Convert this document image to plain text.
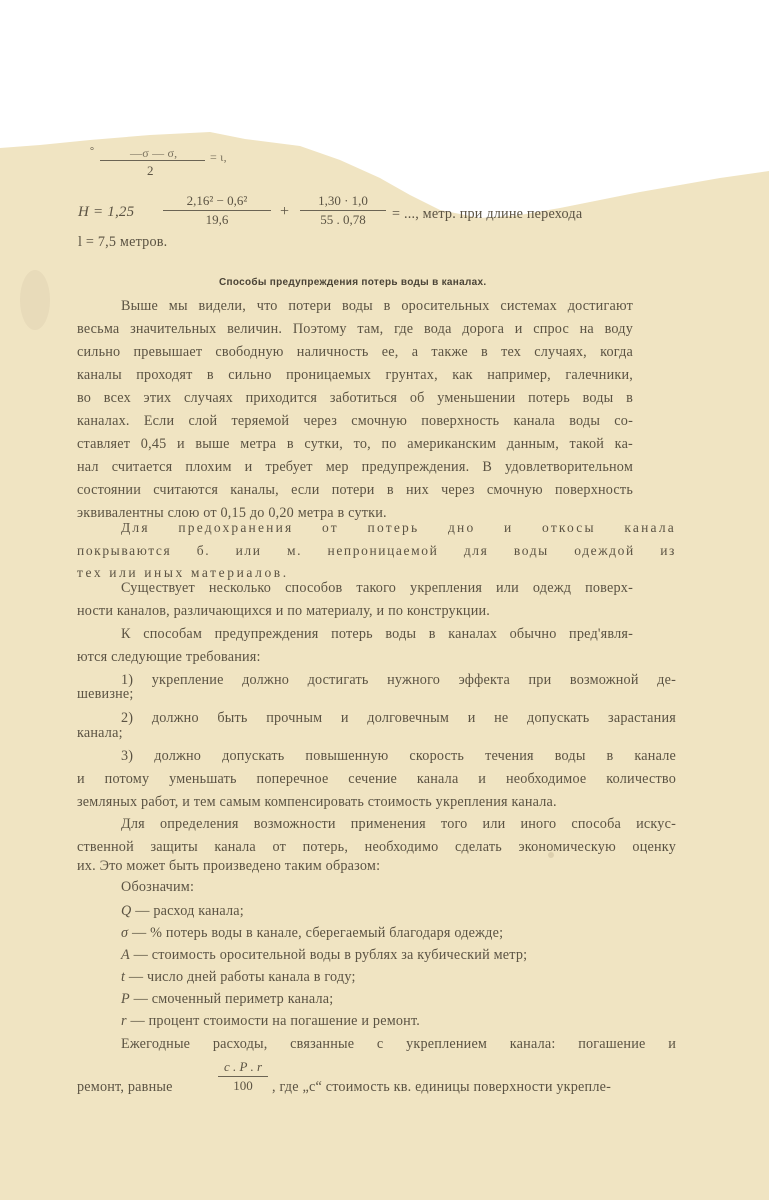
°	—σ — σ,	= ι,
2
$H = 1,25 \frac{\text{2,16² − 0,6²}}{19,6} + \frac{1,30 \cdot 1,0}{55 . 0,78}$ = ..., метр. при длине перехода
l = 7,5 метров.
Способы предупреждения потерь воды в каналах.
Выше мы видели, что потери воды в оросительных системах достигают
весьма значительных величин. Поэтому там, где вода дорога и спрос на воду
сильно превышает свободную наличность ее, а также в тех случаях, когда
каналы проходят в сильно проницаемых грунтах, как например, галечники,
во всех этих случаях приходится заботиться об уменьшении потерь воды в
каналах. Если слой теряемой через смочную поверхность канала воды со-
ставляет 0,45 и выше метра в сутки, то, по американским данным, такой ка-
нал считается плохим и требует мер предупреждения. В удовлетворительном
состоянии считаются каналы, если потери в них через смочную поверхность
эквивалентны слою от 0,15 до 0,20 метра в сутки.
Для предохранения от потерь дно и откосы канала
покрываются б. или м. непроницаемой для воды одеждой из
тех или иных материалов.
Существует несколько способов такого укрепления или одежд поверх-
ности каналов, различающихся и по материалу, и по конструкции.
К способам предупреждения потерь воды в каналах обычно пред'явля-
ются следующие требования:
1) укрепление должно достигать нужного эффекта при возможной де-
шевизне;
2) должно быть прочным и долговечным и не допускать зарастания
канала;
3) должно допускать повышенную скорость течения воды в канале
и потому уменьшать поперечное сечение канала и необходимое количество
земляных работ, и тем самым компенсировать стоимость укрепления канала.
Для определения возможности применения того или иного способа искус-
ственной защиты канала от потерь, необходимо сделать экономическую оценку
их. Это может быть произведено таким образом:
Обозначим:
Q — расход канала;
σ — % потерь воды в канале, сберегаемый благодаря одежде;
A — стоимость оросительной воды в рублях за кубический метр;
t — число дней работы канала в году;
P — смоченный периметр канала;
r — процент стоимости на погашение и ремонт.
Ежегодные расходы, связанные с укреплением канала: погашение и
ремонт, равные	$\frac{c . P . r}{100}$ , где „c“ стоимость кв. единицы поверхности укрепле-
